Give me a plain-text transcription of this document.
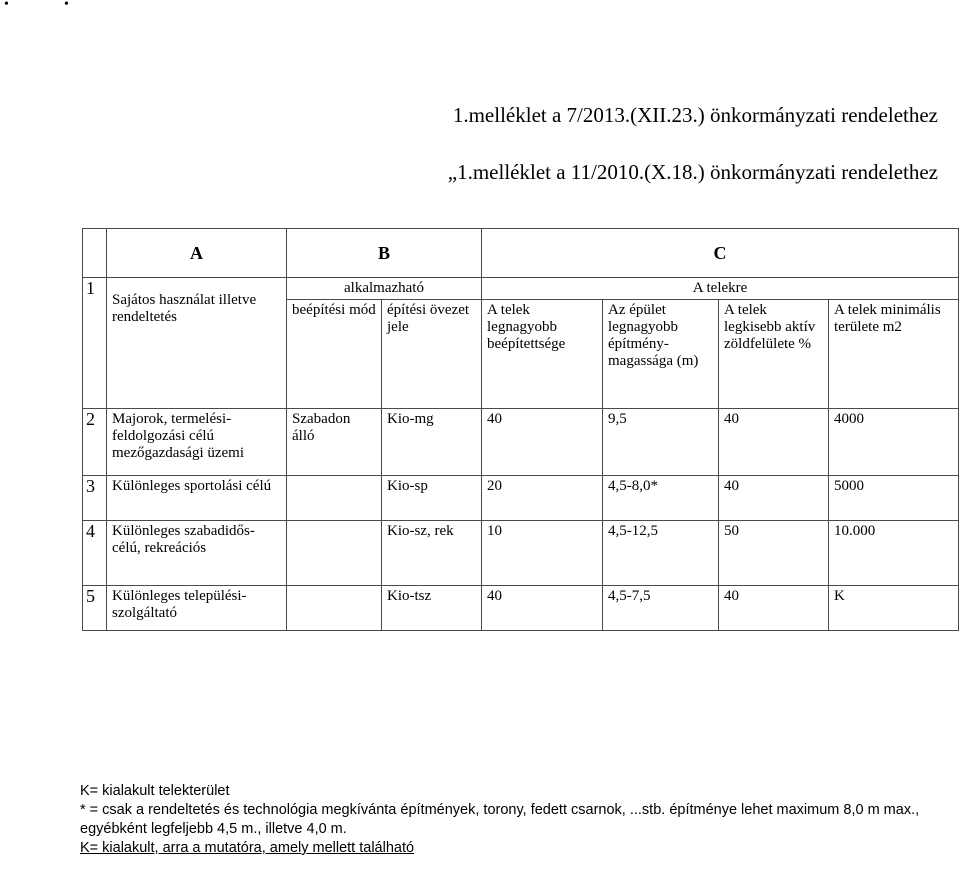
•	•
1.melléklet a 7/2013.(XII.23.) önkormányzati rendelethez
„1.melléklet a 11/2010.(X.18.) önkormányzati rendelethez
	A	B		C			
1	Sajátos használat illetve rendeltetés	alkalmazható		A telekre			
		beépítési mód	építési övezet jele	A telek legnagyobb beépítettsége	Az épület legnagyobb építmény-magassága (m)	A telek legkisebb aktív zöldfelülete %	A telek minimális területe m2
2	Majorok, termelési-feldolgozási célú mezőgazdasági üzemi	Szabadon álló	Kio-mg	40	9,5	40	4000
3	Különleges sportolási célú		Kio-sp	20	4,5-8,0*	40	5000
4	Különleges szabadidős-célú, rekreációs		Kio-sz, rek	10	4,5-12,5	50	10.000
5	Különleges települési-szolgáltató		Kio-tsz	40	4,5-7,5	40	K

K= kialakult telekterület

* = csak a rendeltetés és technológia megkívánta építmények, torony, fedett csarnok, ...stb. építménye lehet maximum 8,0 m max., egyébként legfeljebb 4,5 m., illetve 4,0 m.

K= kialakult, arra a mutatóra, amely mellett található
